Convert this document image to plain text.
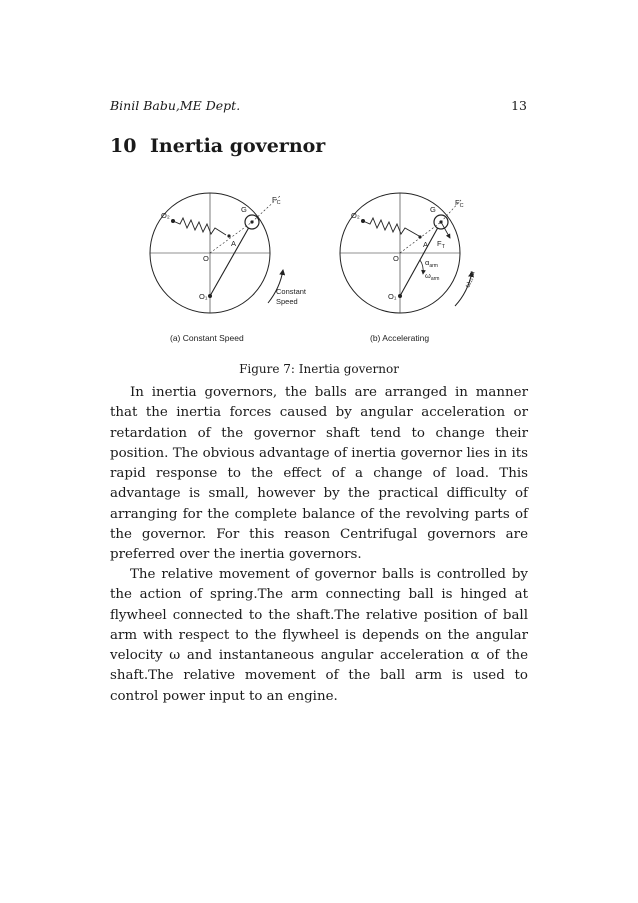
Binil Babu,ME Dept.	13
10 Inertia governor
O₂
G
A
O
O₁
$F_C$
Constant
Speed
(a) Constant Speed
O₂
G
A
O
O₁
$F_C$
$F_T$
$\alpha_{arm}$
$\omega_{arm}$	ω₁, α
(b) Accelerating
Figure 7: Inertia governor

In inertia governors, the balls are arranged in manner that the inertia forces caused by angular acceleration or retardation of the governor shaft tend to change their position. The obvious advantage of inertia governor lies in its rapid response to the effect of a change of load. This advantage is small, however by the practical difficulty of arranging for the complete balance of the revolving parts of the governor. For this reason Centrifugal governors are preferred over the inertia governors.

The relative movement of governor balls is controlled by the action of spring.The arm connecting ball is hinged at flywheel connected to the shaft.The relative position of ball arm with respect to the flywheel is depends on the angular velocity ω and instantaneous angular acceleration α of the shaft.The relative movement of the ball arm is used to control power input to an engine.
